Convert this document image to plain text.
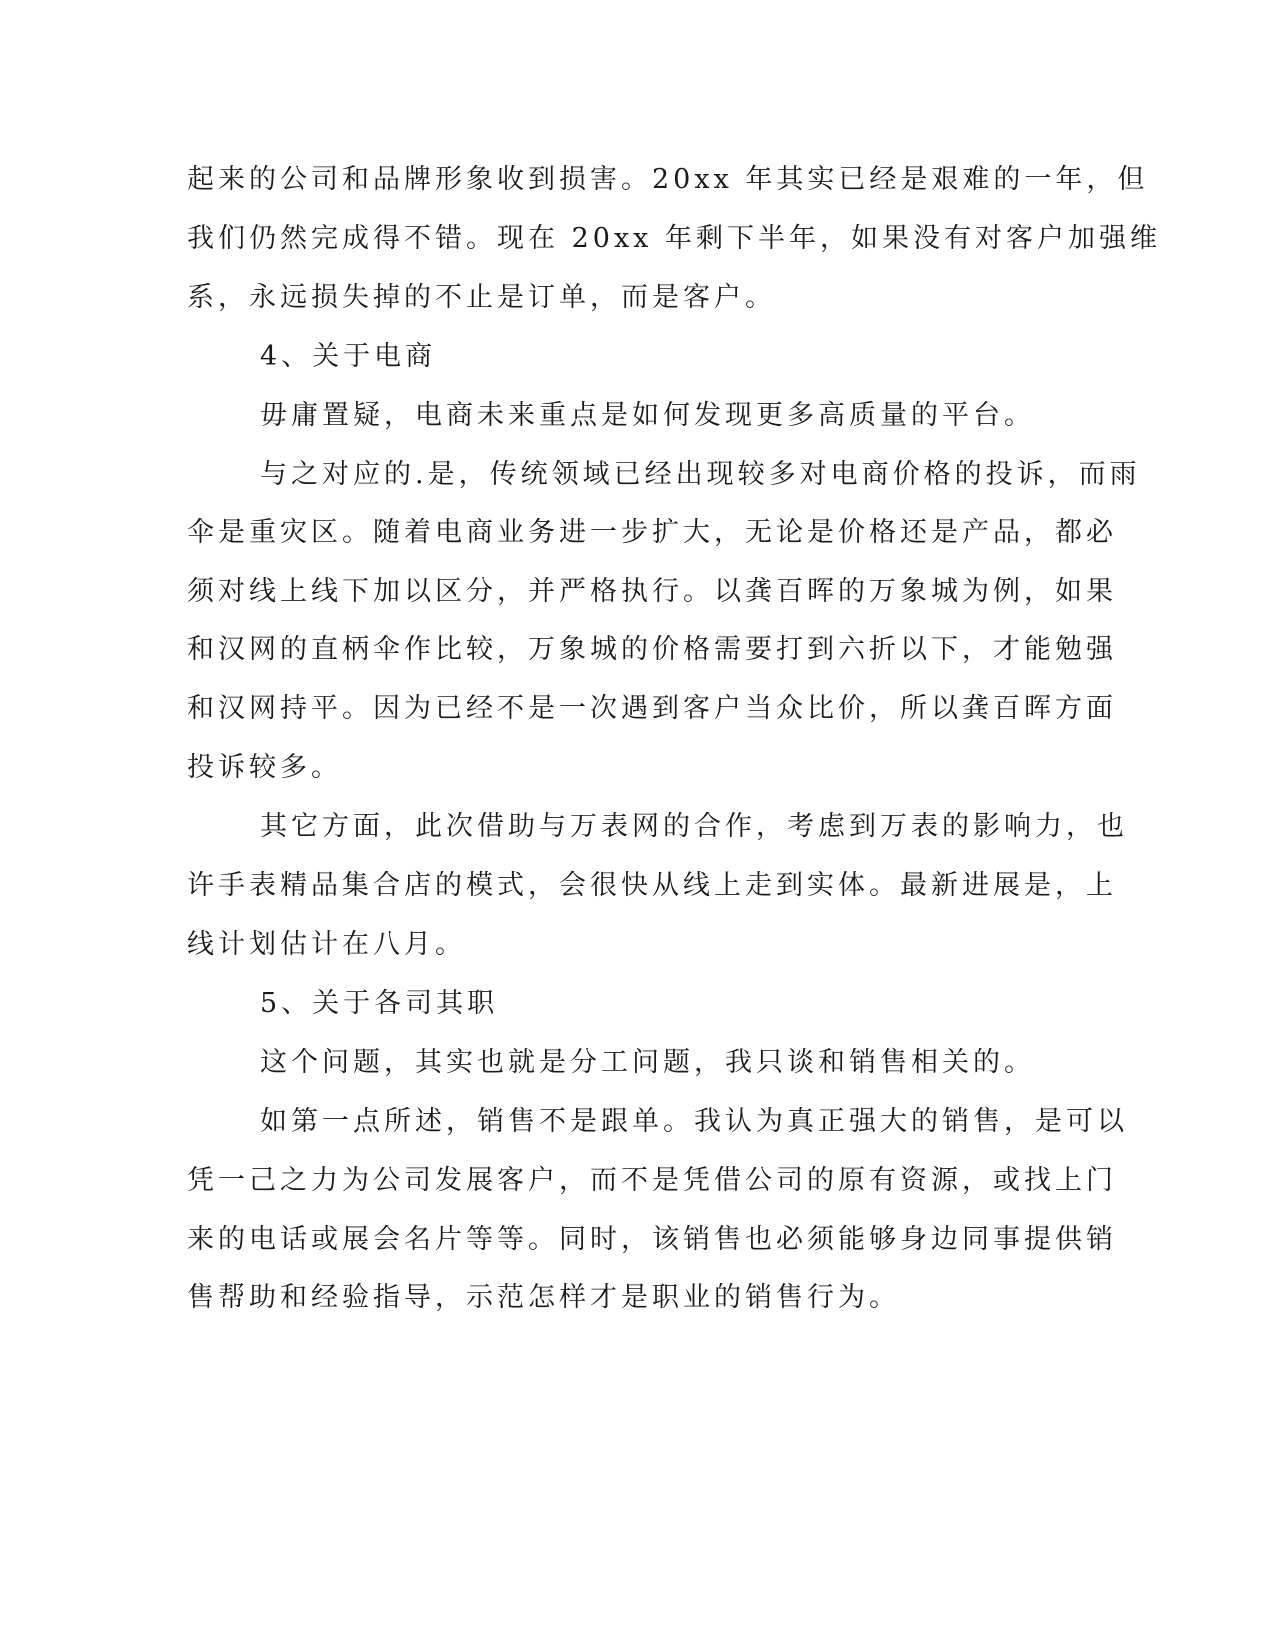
起来的公司和品牌形象收到损害。20xx 年其实已经是艰难的一年，但
我们仍然完成得不错。现在 20xx 年剩下半年，如果没有对客户加强维
系，永远损失掉的不止是订单，而是客户。
4、关于电商
毋庸置疑，电商未来重点是如何发现更多高质量的平台。
与之对应的.是，传统领域已经出现较多对电商价格的投诉，而雨
伞是重灾区。随着电商业务进一步扩大，无论是价格还是产品，都必
须对线上线下加以区分，并严格执行。以龚百晖的万象城为例，如果
和汉网的直柄伞作比较，万象城的价格需要打到六折以下，才能勉强
和汉网持平。因为已经不是一次遇到客户当众比价，所以龚百晖方面
投诉较多。
其它方面，此次借助与万表网的合作，考虑到万表的影响力，也
许手表精品集合店的模式，会很快从线上走到实体。最新进展是，上
线计划估计在八月。
5、关于各司其职
这个问题，其实也就是分工问题，我只谈和销售相关的。
如第一点所述，销售不是跟单。我认为真正强大的销售，是可以
凭一己之力为公司发展客户，而不是凭借公司的原有资源，或找上门
来的电话或展会名片等等。同时，该销售也必须能够身边同事提供销
售帮助和经验指导，示范怎样才是职业的销售行为。
